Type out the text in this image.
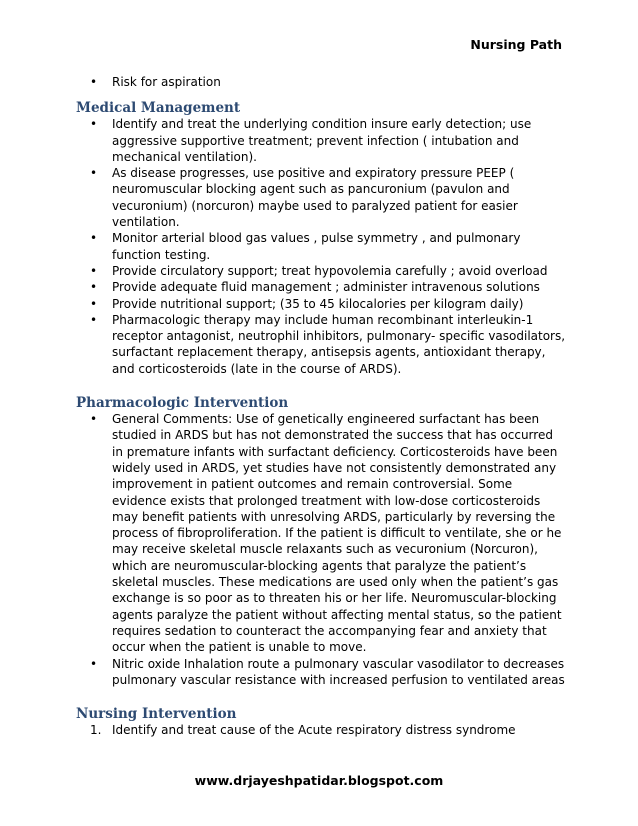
Nursing Path
• Risk for aspiration
Medical Management
• Identify and treat the underlying condition insure early detection; use aggressive supportive treatment; prevent infection ( intubation and mechanical ventilation).
• As disease progresses, use positive and expiratory pressure PEEP ( neuromuscular blocking agent such as pancuronium (pavulon and vecuronium) (norcuron) maybe used to paralyzed patient for easier ventilation.
• Monitor arterial blood gas values , pulse symmetry , and pulmonary function testing.
• Provide circulatory support; treat hypovolemia carefully ; avoid overload
• Provide adequate fluid management ; administer intravenous solutions
• Provide nutritional support; (35 to 45 kilocalories per kilogram daily)
• Pharmacologic therapy may include human recombinant interleukin-1 receptor antagonist, neutrophil inhibitors, pulmonary- specific vasodilators, surfactant replacement therapy, antisepsis agents, antioxidant therapy, and corticosteroids (late in the course of ARDS).
Pharmacologic Intervention
• General Comments: Use of genetically engineered surfactant has been studied in ARDS but has not demonstrated the success that has occurred in premature infants with surfactant deficiency. Corticosteroids have been widely used in ARDS, yet studies have not consistently demonstrated any improvement in patient outcomes and remain controversial. Some evidence exists that prolonged treatment with low-dose corticosteroids may benefit patients with unresolving ARDS, particularly by reversing the process of fibroproliferation. If the patient is difficult to ventilate, she or he may receive skeletal muscle relaxants such as vecuronium (Norcuron), which are neuromuscular-blocking agents that paralyze the patient’s skeletal muscles. These medications are used only when the patient’s gas exchange is so poor as to threaten his or her life. Neuromuscular-blocking agents paralyze the patient without affecting mental status, so the patient requires sedation to counteract the accompanying fear and anxiety that occur when the patient is unable to move.
• Nitric oxide Inhalation route a pulmonary vascular vasodilator to decreases pulmonary vascular resistance with increased perfusion to ventilated areas
Nursing Intervention
1. Identify and treat cause of the Acute respiratory distress syndrome
www.drjayeshpatidar.blogspot.com
